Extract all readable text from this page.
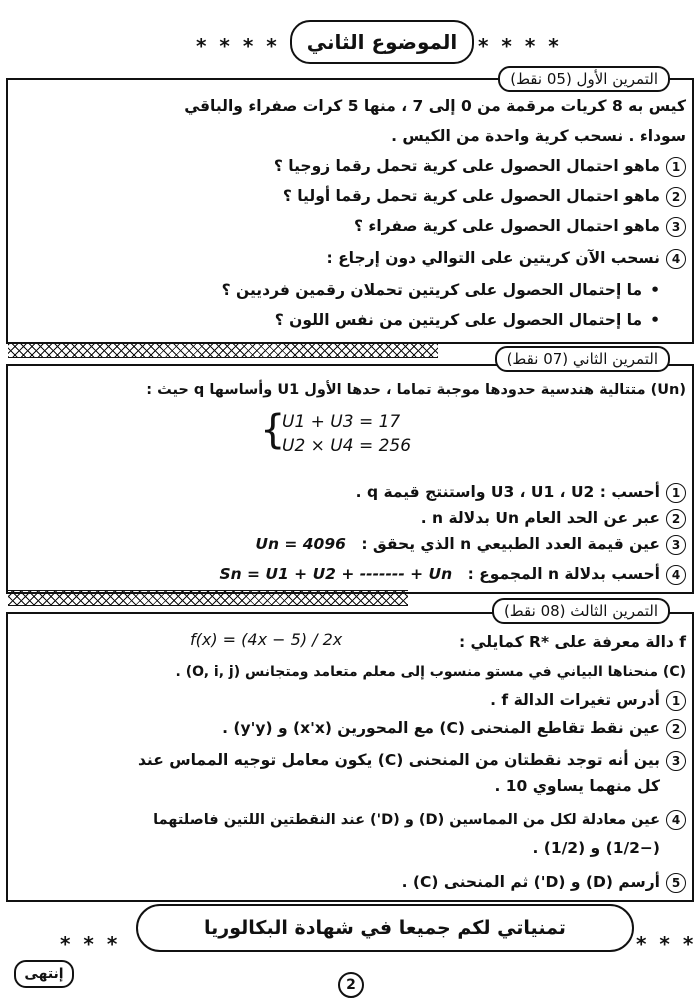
* * * *	الموضوع الثاني	* * * *
التمرين الأول (05 نقط)
كيس به 8 كريات مرقمة من 0 إلى 7 ، منها 5 كرات صفراء والباقي
سوداء . نسحب كرية واحدة من الكيس .
1ماهو احتمال الحصول على كرية تحمل رقما زوجيا ؟
2ماهو احتمال الحصول على كرية تحمل رقما أوليا ؟
3ماهو احتمال الحصول على كرية صفراء ؟
4نسحب الآن كريتين على التوالي دون إرجاع :
• ما إحتمال الحصول على كريتين تحملان رقمين فرديين ؟
• ما إحتمال الحصول على كريتين من نفس اللون ؟
التمرين الثاني (07 نقط)
(Un) متتالية هندسية حدودها موجبة تماما ، حدها الأول U1 وأساسها q حيث :
{
U1 + U3 = 17
U2 × U4 = 256
1أحسب : U3 ، U1 ، U2 واستنتج قيمة q .
2عبر عن الحد العام Un بدلالة n .
3عين قيمة العدد الطبيعي n الذي يحقق : Un = 4096
4أحسب بدلالة n المجموع : Sn = U1 + U2 + ------- + Un
التمرين الثالث (08 نقط)
f دالة معرفة على *R كمايلي :
f(x) = (4x − 5) / 2x
(C) منحناها البياني في مستو منسوب إلى معلم متعامد ومتجانس (O, i, j) .
1أدرس تغيرات الدالة f .
2عين نقط تقاطع المنحنى (C) مع المحورين (x'x) و (y'y) .
3بين أنه توجد نقطتان من المنحنى (C) يكون معامل توجيه المماس عند
كل منهما يساوي 10 .
4عين معادلة لكل من المماسين (D) و (D') عند النقطتين اللتين فاصلتهما
(−1/2) و (1/2) .
5أرسم (D) و (D') ثم المنحنى (C) .
* * *
تمنياتي لكم جميعا في شهادة البكالوريا
* * *
إنتهى
2
